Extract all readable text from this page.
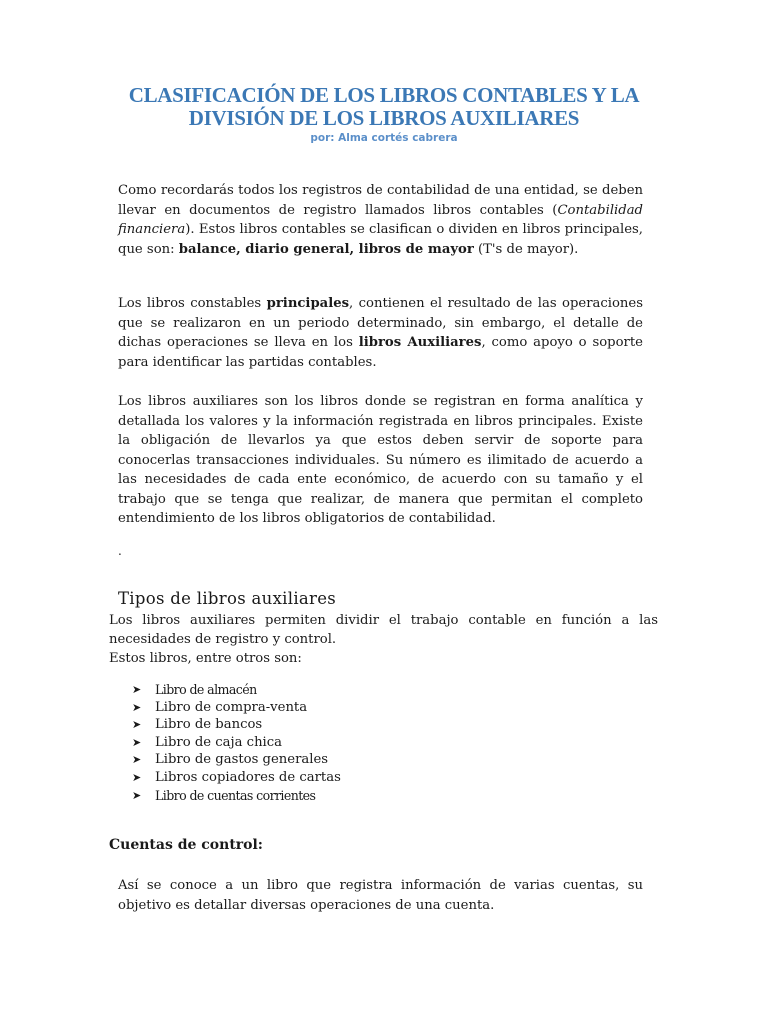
CLASIFICACIÓN DE LOS LIBROS CONTABLES Y LA
DIVISIÓN DE LOS LIBROS AUXILIARES
por: Alma cortés cabrera
Como recordarás todos los registros de contabilidad de una entidad, se deben llevar en documentos de registro llamados libros contables (Contabilidad financiera). Estos libros contables se clasifican o dividen en libros principales, que son: balance, diario general, libros de mayor (T's de mayor).
Los libros constables principales, contienen el resultado de las operaciones que se realizaron en un periodo determinado, sin embargo, el detalle de dichas operaciones se lleva en los libros Auxiliares, como apoyo o soporte para identificar las partidas contables.
Los libros auxiliares son los libros donde se registran en forma analítica y detallada los valores y la información registrada en libros principales. Existe la obligación de llevarlos ya que estos deben servir de soporte para conocerlas transacciones individuales. Su número es ilimitado de acuerdo a las necesidades de cada ente económico, de acuerdo con su tamaño y el trabajo que se tenga que realizar, de manera que permitan el completo entendimiento de los libros obligatorios de contabilidad.
.
Tipos de libros auxiliares
Los libros auxiliares permiten dividir el trabajo contable en función a las necesidades de registro y control.
Estos libros, entre otros son:
➤	Libro de almacén
➤	Libro de compra-venta
➤	Libro de bancos
➤	Libro de caja chica
➤	Libro de gastos generales
➤	Libros copiadores de cartas
➤	Libro de cuentas corrientes
Cuentas de control:
Así se conoce a un libro que registra información de varias cuentas, su objetivo es detallar diversas operaciones de una cuenta.
